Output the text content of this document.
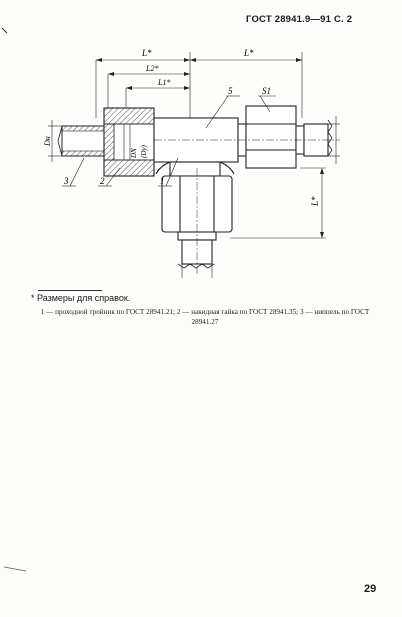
ГОСТ 28941.9—91 С. 2
L*	L*
L2*
L1*
Dн
DN (Dу)
L*
3	2	1
5	S1
* Размеры для справок.
1 — проходной тройник по ГОСТ 28941.21; 2 — накидная гайка по ГОСТ 28941.35; 3 — ниппель по ГОСТ 28941.27
29
